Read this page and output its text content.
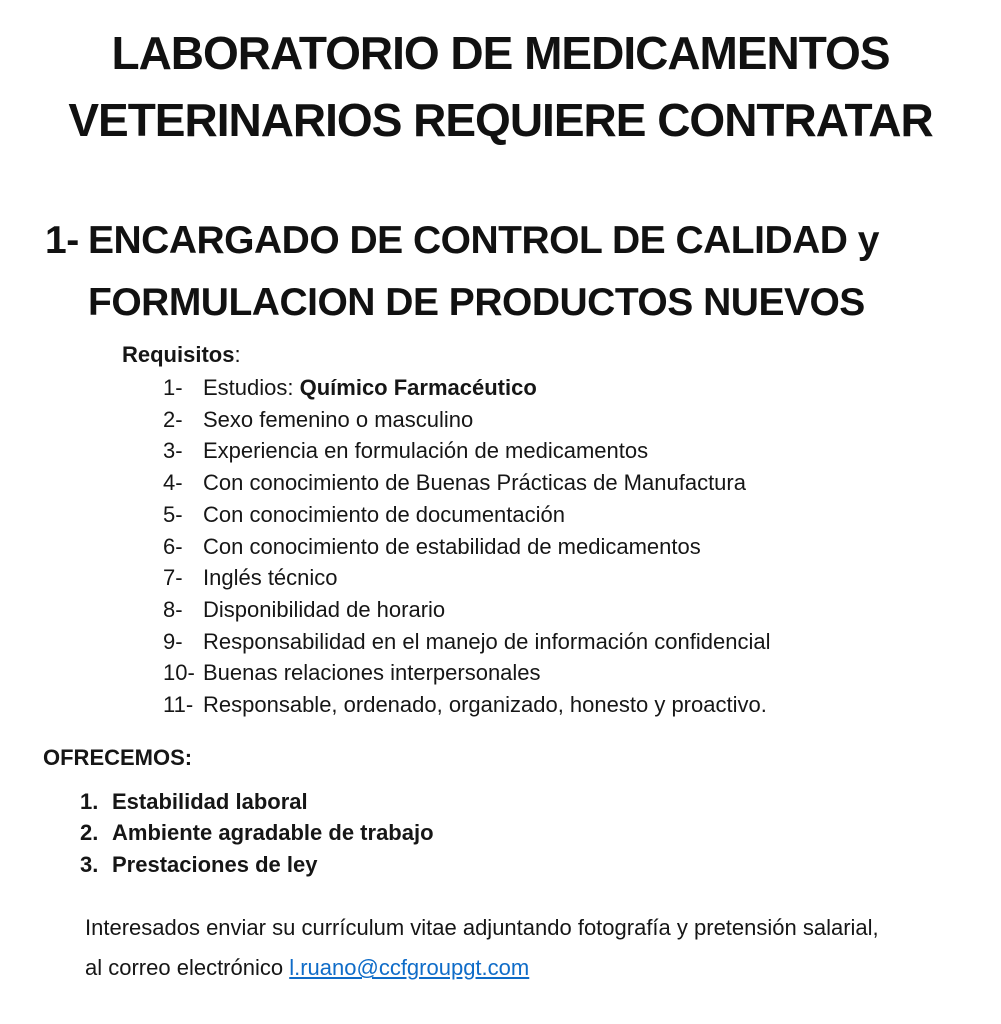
LABORATORIO DE MEDICAMENTOS
VETERINARIOS REQUIERE CONTRATAR
1- ENCARGADO DE CONTROL DE CALIDAD y
FORMULACION DE PRODUCTOS NUEVOS
Requisitos:
1- Estudios: Químico Farmacéutico
2- Sexo femenino o masculino
3- Experiencia en formulación de medicamentos
4- Con conocimiento de Buenas Prácticas de Manufactura
5- Con conocimiento de documentación
6- Con conocimiento de estabilidad de medicamentos
7- Inglés técnico
8- Disponibilidad de horario
9- Responsabilidad en el manejo de información confidencial
10- Buenas relaciones interpersonales
11- Responsable, ordenado, organizado, honesto y proactivo.
OFRECEMOS:
1. Estabilidad laboral
2. Ambiente agradable de trabajo
3. Prestaciones de ley
Interesados enviar su currículum vitae adjuntando fotografía y pretensión salarial,
al correo electrónico l.ruano@ccfgroupgt.com
